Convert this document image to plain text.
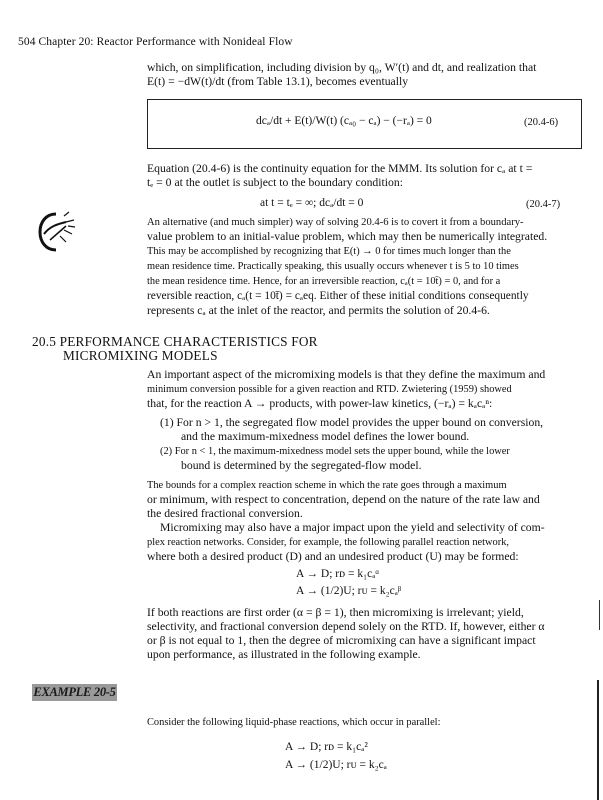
504 Chapter 20: Reactor Performance with Nonideal Flow
which, on simplification, including division by q₀, W′(t) and dt, and realization that
E(t) = −dW(t)/dt (from Table 13.1), becomes eventually
dcₐ/dt + E(t)/W(t) (cₐ₀ − cₐ) − (−rₐ) = 0	(20.4-6)
Equation (20.4-6) is the continuity equation for the MMM. Its solution for cₐ at t =
tₑ = 0 at the outlet is subject to the boundary condition:
at t = tₑ = ∞; dcₐ/dt = 0	(20.4-7)
An alternative (and much simpler) way of solving 20.4-6 is to covert it from a boundary-
value problem to an initial-value problem, which may then be numerically integrated.
This may be accomplished by recognizing that E(t) → 0 for times much longer than the
mean residence time. Practically speaking, this usually occurs whenever t is 5 to 10 times
the mean residence time. Hence, for an irreversible reaction, cₐ(t = 10t̄) = 0, and for a
reversible reaction, cₐ(t = 10t̄) = cₐeq. Either of these initial conditions consequently
represents cₐ at the inlet of the reactor, and permits the solution of 20.4-6.
20.5 PERFORMANCE CHARACTERISTICS FOR
MICROMIXING MODELS
An important aspect of the micromixing models is that they define the maximum and
minimum conversion possible for a given reaction and RTD. Zwietering (1959) showed
that, for the reaction A → products, with power-law kinetics, (−rₐ) = kₐcₐⁿ:
(1) For n > 1, the segregated flow model provides the upper bound on conversion,
and the maximum-mixedness model defines the lower bound.
(2) For n < 1, the maximum-mixedness model sets the upper bound, while the lower
bound is determined by the segregated-flow model.
The bounds for a complex reaction scheme in which the rate goes through a maximum
or minimum, with respect to concentration, depend on the nature of the rate law and
the desired fractional conversion.
Micromixing may also have a major impact upon the yield and selectivity of com-
plex reaction networks. Consider, for example, the following parallel reaction network,
where both a desired product (D) and an undesired product (U) may be formed:
A → D; rᴅ = k₁cₐᵅ
A → (1/2)U; rᴜ = k₂cₐᵝ
If both reactions are first order (α = β = 1), then micromixing is irrelevant; yield,
selectivity, and fractional conversion depend solely on the RTD. If, however, either α
or β is not equal to 1, then the degree of micromixing can have a significant impact
upon performance, as illustrated in the following example.
EXAMPLE 20-5
Consider the following liquid-phase reactions, which occur in parallel:
A → D; rᴅ = k₁cₐ²
A → (1/2)U; rᴜ = k₂cₐ
